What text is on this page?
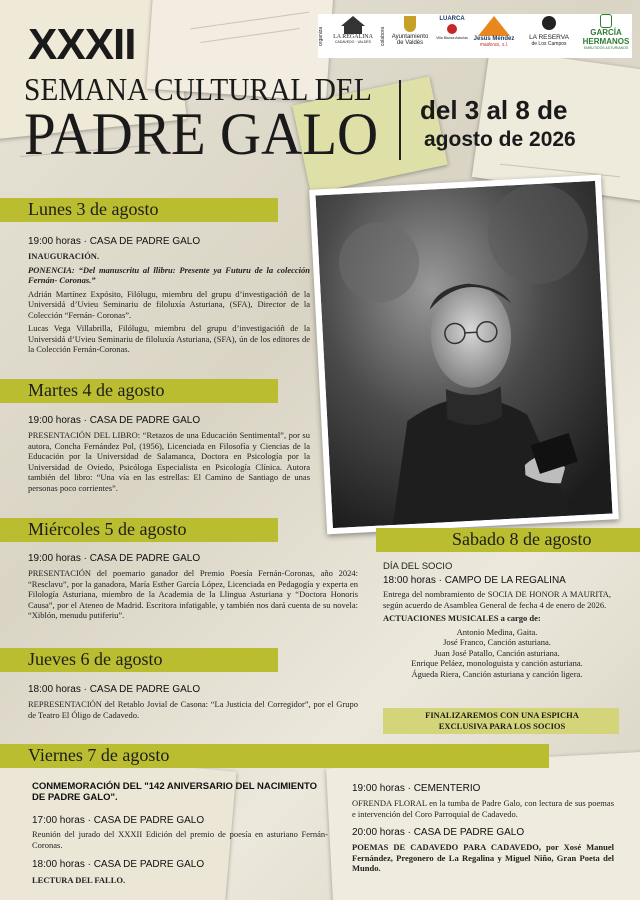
XXXII
SEMANA CULTURAL DEL
PADRE GALO del 3 al 8 de
agosto de 2026
organiza	LA REGALINA
CADAVEDO · VALDÉS	colabora Ayuntamiento
de Valdés
LUARCA
Villa Blanca Asturias Jesús Méndez
maderas, s.l.
LA RESERVA
de Los Campos
GARCÍA
HERMANOS
EMBUTIDOS ASTURIANOS
Lunes 3 de agosto
19:00 horas · CASA DE PADRE GALO

INAUGURACIÓN.

PONENCIA: “Del manuscritu al llibru: Presente ya Futuru de la colección Fernán- Coronas.”

Adrián Martínez Expósito, Filólugu, miembru del grupu d’investigacióñ de la Universidá d’Uvieu Seminariu de filoluxía Asturiana, (SFA), Director de la Colección “Fernán- Coronas”.

Lucas Vega Villabrilla, Filólugu, miembru del grupu d’investigacióñ de la Universidá d’Uvieu Seminariu de filoluxía Asturiana, (SFA), ún de los editores de la Colección Fernán-Coronas.

Martes 4 de agosto
19:00 horas · CASA DE PADRE GALO

PRESENTACIÓN DEL LIBRO: “Retazos de una Educación Sentimental”, por su autora, Concha Fernández Pol, (1956), Licenciada en Filosofía y Ciencias de la Educación por la Universidad de Salamanca, Doctora en Psicología por la Universidad de Oviedo, Psicóloga Especialista en Psicología Clínica. Autora también del libro: “Una vía en las estrellas: El Camino de Santiago de unas personas poco corrientes”.

Miércoles 5 de agosto
19:00 horas · CASA DE PADRE GALO

PRESENTACIÓN del poemario ganador del Premio Poesía Fernán-Coronas, año 2024: “Resclavu”, por la ganadora, María Esther García López, Licenciada en Pedagogía y experta en Filología Asturiana, miembro de la Academia de la Llingua Asturiana y “Doctora Honoris Causa”, por el Ateneo de Madrid. Escritora infatigable, y también nos dará cuenta de su novela: “Xiblón, menudu putiferiu”.

Jueves 6 de agosto
18:00 horas · CASA DE PADRE GALO

REPRESENTACIÓN del Retablo Jovial de Casona: “La Justicia del Corregidor”, por el Grupo de Teatro El Óligo de Cadavedo.

Sabado 8 de agosto

DÍA DEL SOCIO

18:00 horas · CAMPO DE LA REGALINA

Entrega del nombramiento de SOCIA DE HONOR A MAURITA, según acuerdo de Asamblea General de fecha 4 de enero de 2026.

ACTUACIONES MUSICALES a cargo de:

Antonio Medina, Gaita.
José Franco, Canción asturiana.
Juan José Patallo, Canción asturiana.
Enrique Peláez, monologuista y canción asturiana.
Águeda Riera, Canción asturiana y canción ligera.
FINALIZAREMOS CON UNA ESPICHA EXCLUSIVA PARA LOS SOCIOS
Viernes 7 de agosto
CONMEMORACIÓN DEL "142 ANIVERSARIO DEL NACIMIENTO DE PADRE GALO".
17:00 horas · CASA DE PADRE GALO
Reunión del jurado del XXXII Edición del premio de poesía en asturiano Fernán-Coronas.
18:00 horas · CASA DE PADRE GALO
LECTURA DEL FALLO.
19:00 horas · CEMENTERIO
OFRENDA FLORAL en la tumba de Padre Galo, con lectura de sus poemas e intervención del Coro Parroquial de Cadavedo.
20:00 horas · CASA DE PADRE GALO
POEMAS DE CADAVEDO PARA CADAVEDO, por Xosé Manuel Fernández, Pregonero de La Regalina y Miguel Niño, Gran Poeta del Mundo.
